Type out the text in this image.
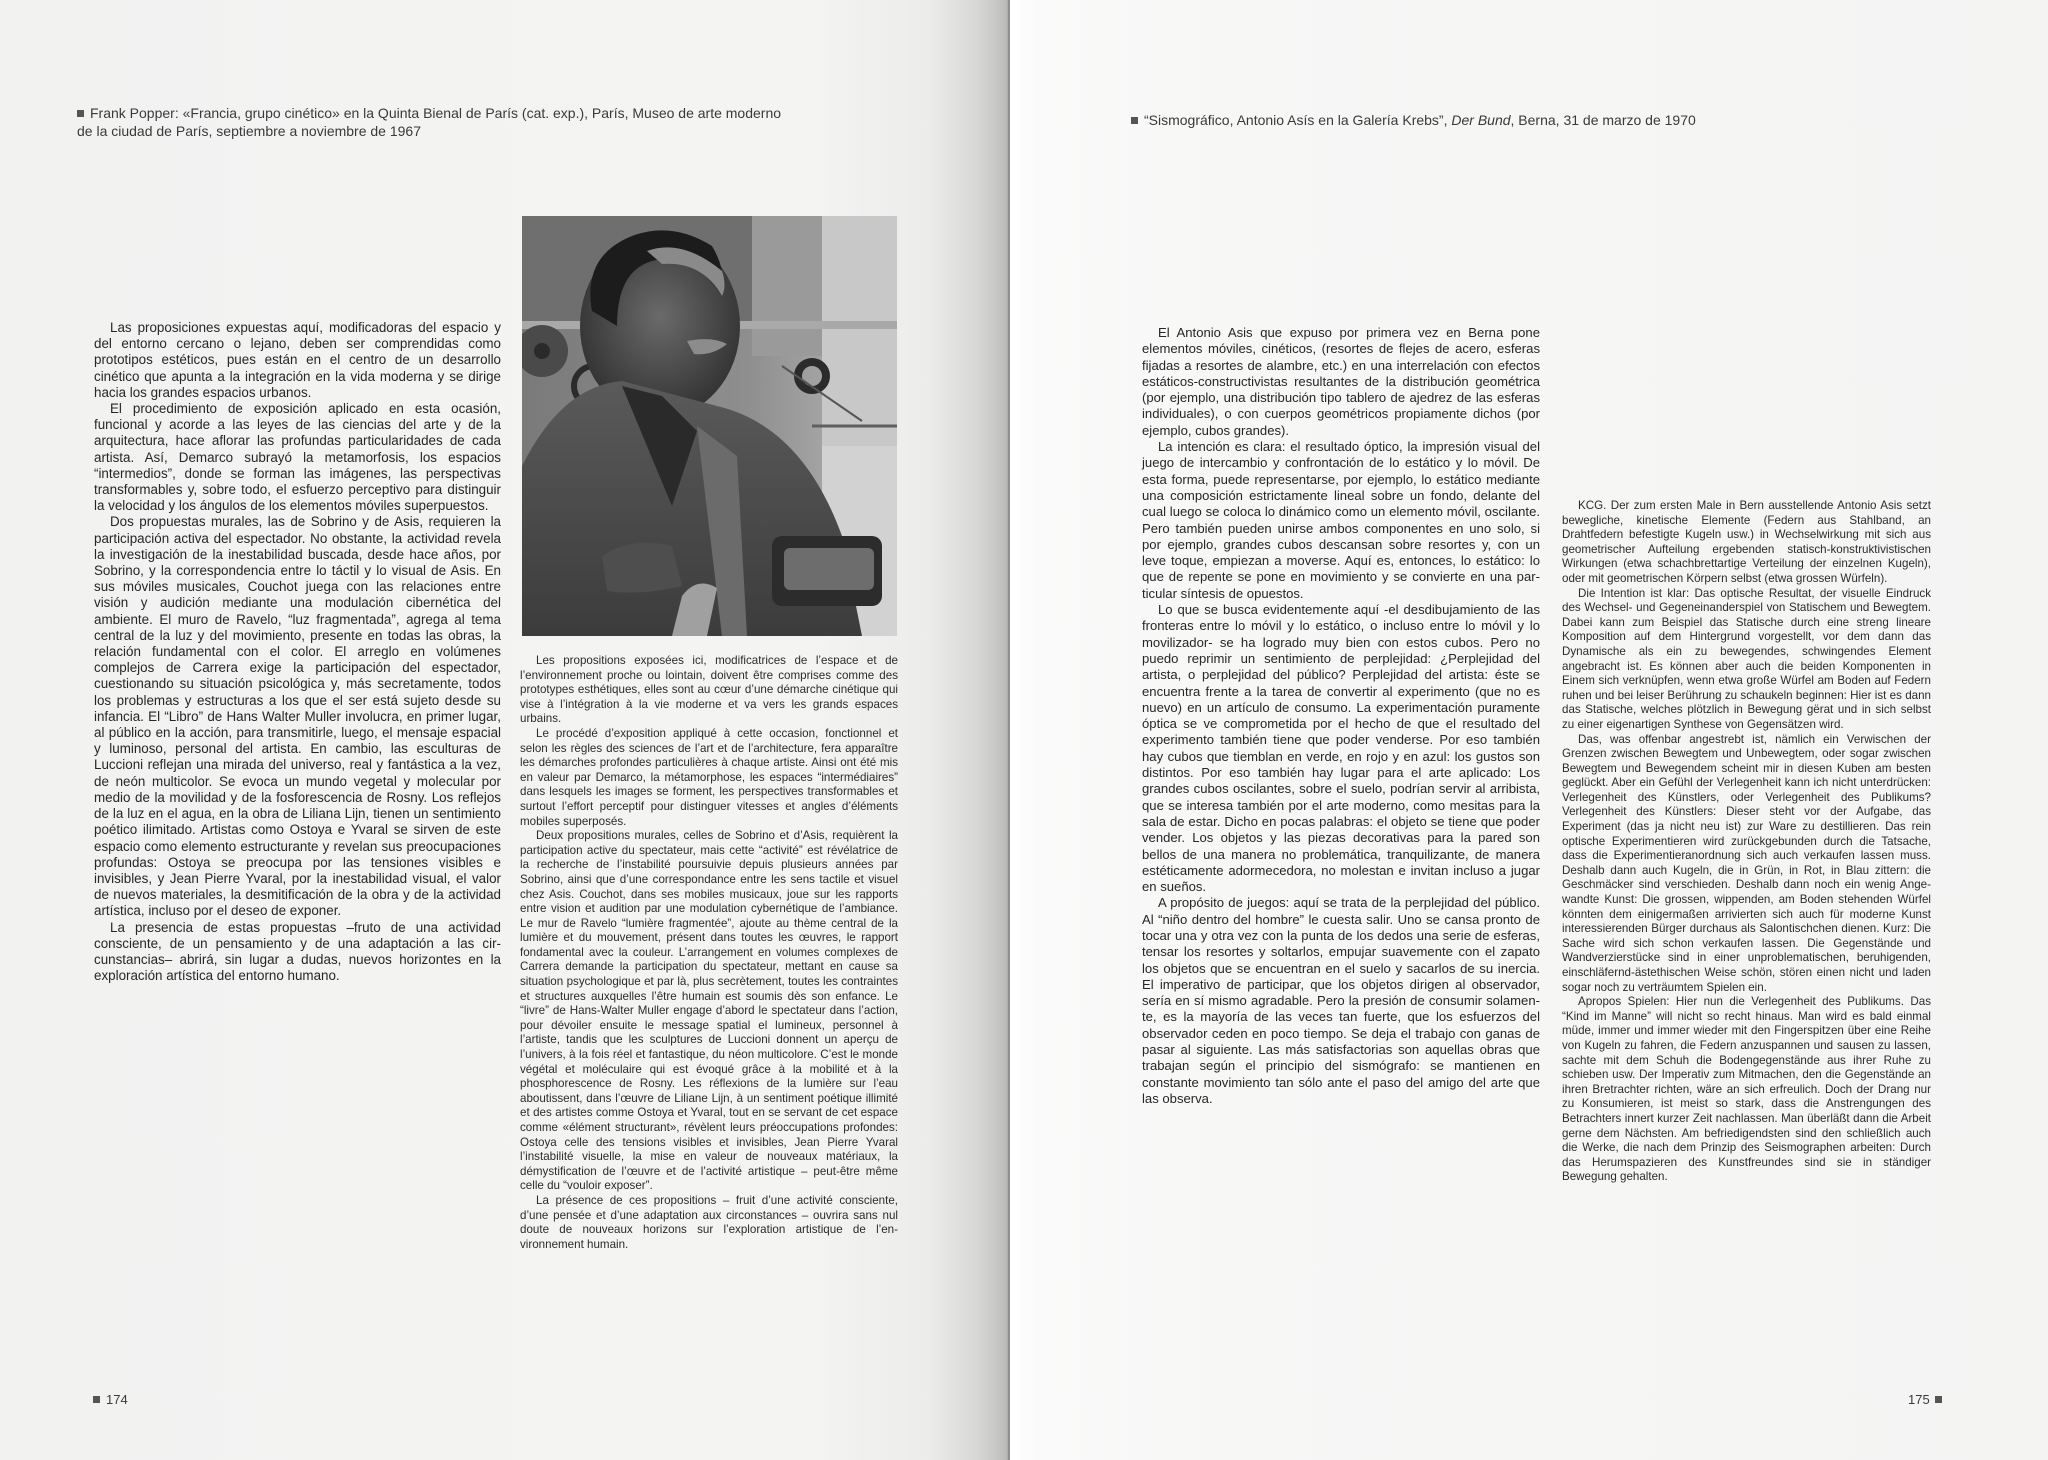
Frank Popper: «Francia, grupo cinético» en la Quinta Bienal de París (cat. exp.), París, Museo de arte moderno de la ciudad de París, septiembre a noviembre de 1967

Las proposiciones expuestas aquí, modificadoras del espacio y del entorno cercano o lejano, deben ser comprendidas como prototipos estéticos, pues están en el centro de un desarrollo cinético que apunta a la integración en la vida moderna y se dirige hacia los grandes espacios urbanos.

El procedimiento de exposición aplicado en esta ocasión, funcional y acorde a las leyes de las ciencias del arte y de la arquitectura, hace aflorar las profundas particularidades de cada artista. Así, Demarco subrayó la metamorfosis, los espacios “intermedios”, donde se forman las imágenes, las perspectivas transformables y, sobre todo, el esfuerzo perceptivo para distinguir la velocidad y los ángulos de los elementos móviles superpuestos.

Dos propuestas murales, las de Sobrino y de Asis, requieren la participación activa del espectador. No obstante, la actividad revela la investigación de la inestabilidad buscada, desde hace años, por Sobrino, y la correspondencia entre lo táctil y lo visual de Asis. En sus móviles musicales, Couchot juega con las relaciones entre visión y audición mediante una modulación cibernética del ambiente. El muro de Ravelo, “luz fragmentada”, agrega al tema central de la luz y del movimiento, presente en todas las obras, la relación fundamental con el color. El arreglo en volúmenes complejos de Carrera exige la participación del espectador, cuestionando su situación psicológica y, más secretamente, todos los problemas y estructuras a los que el ser está sujeto desde su infancia. El “Libro” de Hans Walter Muller involucra, en primer lugar, al público en la acción, para transmitirle, luego, el mensaje espacial y luminoso, personal del artista. En cambio, las esculturas de Luccioni reflejan una mirada del universo, real y fantástica a la vez, de neón multicolor. Se evoca un mundo vegetal y molecular por medio de la movilidad y de la fosforescencia de Rosny. Los reflejos de la luz en el agua, en la obra de Liliana Lijn, tienen un sentimiento poético ilimitado. Artistas como Ostoya e Yvaral se sirven de este espacio como elemento estructurante y revelan sus preocupaciones profundas: Ostoya se preocupa por las tensiones visibles e invisibles, y Jean Pierre Yvaral, por la inestabilidad visual, el valor de nuevos materiales, la desmitificación de la obra y de la actividad artística, incluso por el deseo de exponer.

La presencia de estas propuestas –fruto de una actividad consciente, de un pensamiento y de una adaptación a las circunstancias– abrirá, sin lugar a dudas, nuevos horizontes en la exploración artística del entorno humano.

Les propositions exposées ici, modificatrices de l’espace et de l’environnement proche ou lointain, doivent être comprises comme des prototypes esthétiques, elles sont au cœur d’une démarche cinétique qui vise à l’intégration à la vie moderne et va vers les grands espaces urbains.

Le procédé d’exposition appliqué à cette occasion, fonctionnel et selon les règles des sciences de l’art et de l’architecture, fera apparaître les démarches profondes particulières à chaque artiste. Ainsi ont été mis en valeur par Demarco, la métamorphose, les espaces “intermédiaires” dans lesquels les images se forment, les perspectives transformables et surtout l’effort perceptif pour distinguer vitesses et angles d’éléments mobiles superposés.

Deux propositions murales, celles de Sobrino et d’Asis, requièrent la participation active du spectateur, mais cette “activité” est révélatrice de la recherche de l’instabilité poursuivie depuis plusieurs années par Sobrino, ainsi que d’une correspondance entre les sens tactile et visuel chez Asis. Couchot, dans ses mobiles musicaux, joue sur les rapports entre vision et audition par une modulation cybernétique de l’ambiance. Le mur de Ravelo “lumière fragmentée”, ajoute au thème central de la lumière et du mouvement, présent dans toutes les œuvres, le rapport fondamental avec la couleur. L’arrangement en volumes complexes de Carrera demande la participation du spectateur, mettant en cause sa situation psychologique et par là, plus secrètement, toutes les contraintes et structures auxquelles l’être humain est soumis dès son enfance. Le “livre” de Hans-Walter Muller engage d’abord le spectateur dans l’action, pour dévoiler ensuite le message spatial el lumineux, personnel à l’artiste, tandis que les sculptures de Luccioni donnent un aperçu de l’univers, à la fois réel et fantastique, du néon multicolore. C’est le monde végétal et moléculaire qui est évoqué grâce à la mobilité et à la phosphorescence de Rosny. Les réflexions de la lumière sur l’eau aboutissent, dans l’œuvre de Liliane Lijn, à un sentiment poétique illimité et des artistes comme Ostoya et Yvaral, tout en se servant de cet espace comme «élément structurant», révèlent leurs préoccupations profondes: Ostoya celle des tensions visibles et invisibles, Jean Pierre Yvaral l’instabilité visuelle, la mise en valeur de nouveaux matériaux, la démystification de l’œuvre et de l’activité artistique – peut-être même celle du “vouloir exposer”.

La présence de ces propositions – fruit d’une activité consciente, d’une pensée et d’une adaptation aux circonstances – ouvrira sans nul doute de nouveaux horizons sur l’exploration artistique de l’environnement humain.

174
“Sismográfico, Antonio Asís en la Galería Krebs”, Der Bund, Berna, 31 de marzo de 1970

El Antonio Asis que expuso por primera vez en Berna pone elementos móviles, cinéticos, (resortes de flejes de acero, esferas fijadas a resortes de alambre, etc.) en una interrelación con efectos estáticos-constructivistas resultantes de la distribución geométrica (por ejemplo, una distribución tipo tablero de ajedrez de las esferas individuales), o con cuerpos geométricos propiamente dichos (por ejemplo, cubos grandes).

La intención es clara: el resultado óptico, la impresión visual del juego de intercambio y confrontación de lo estático y lo móvil. De esta forma, puede representarse, por ejemplo, lo estático mediante una composición estrictamente lineal sobre un fondo, delante del cual luego se coloca lo dinámico como un elemento móvil, oscilante. Pero también pueden unirse ambos componentes en uno solo, si por ejemplo, grandes cubos descansan sobre resortes y, con un leve toque, empiezan a moverse. Aquí es, entonces, lo estático: lo que de repente se pone en movimiento y se convierte en una particular síntesis de opuestos.

Lo que se busca evidentemente aquí -el desdibujamiento de las fronteras entre lo móvil y lo estático, o incluso entre lo móvil y lo movilizador- se ha logrado muy bien con estos cubos. Pero no puedo reprimir un sentimiento de perplejidad: ¿Perplejidad del artista, o perplejidad del público? Perplejidad del artista: éste se encuentra frente a la tarea de convertir al experimento (que no es nuevo) en un artículo de consumo. La experimentación puramente óptica se ve comprometida por el hecho de que el resultado del experimento también tiene que poder venderse. Por eso también hay cubos que tiemblan en verde, en rojo y en azul: los gustos son distintos. Por eso también hay lugar para el arte aplicado: Los grandes cubos oscilantes, sobre el suelo, podrían servir al arribista, que se interesa también por el arte moderno, como mesitas para la sala de estar. Dicho en pocas palabras: el objeto se tiene que poder vender. Los objetos y las piezas decorativas para la pared son bellos de una manera no problemática, tranquilizante, de manera estéticamente adormecedora, no molestan e invitan incluso a jugar en sueños.

A propósito de juegos: aquí se trata de la perplejidad del público. Al “niño dentro del hombre” le cuesta salir. Uno se cansa pronto de tocar una y otra vez con la punta de los dedos una serie de esferas, tensar los resortes y soltarlos, empujar suavemente con el zapato los objetos que se encuentran en el suelo y sacarlos de su inercia. El imperativo de participar, que los objetos dirigen al observador, sería en sí mismo agradable. Pero la presión de consumir solamente, es la mayoría de las veces tan fuerte, que los esfuerzos del observador ceden en poco tiempo. Se deja el trabajo con ganas de pasar al siguiente. Las más satisfactorias son aquellas obras que trabajan según el principio del sismógrafo: se mantienen en constante movimiento tan sólo ante el paso del amigo del arte que las observa.

KCG. Der zum ersten Male in Bern ausstellende Antonio Asis setzt bewegliche, kinetische Elemente (Federn aus Stahlband, an Drahtfedern befestigte Kugeln usw.) in Wechselwirkung mit sich aus geometrischer Aufteilung ergebenden statisch-konstruktivistischen Wirkungen (etwa schachbrettartige Verteilung der einzelnen Kugeln), oder mit geometrischen Körpern selbst (etwa grossen Würfeln).

Die Intention ist klar: Das optische Resultat, der visuelle Eindruck des Wechsel- und Gegeneinanderspiel von Statischem und Bewegtem. Dabei kann zum Beispiel das Statische durch eine streng lineare Komposition auf dem Hintergrund vorgestellt, vor dem dann das Dynamische als ein zu bewegendes, schwingendes Element angebracht ist. Es können aber auch die beiden Komponenten in Einem sich verknüpfen, wenn etwa große Würfel am Boden auf Federn ruhen und bei leiser Berührung zu schaukeln beginnen: Hier ist es dann das Statische, welches plötzlich in Bewegung gërat und in sich selbst zu einer eigenartigen Synthese von Gegensätzen wird.

Das, was offenbar angestrebt ist, nämlich ein Verwischen der Grenzen zwischen Bewegtem und Unbewegtem, oder sogar zwischen Bewegtem und Bewegendem scheint mir in diesen Kuben am besten geglückt. Aber ein Gefühl der Verlegenheit kann ich nicht unterdrücken: Verlegenheit des Künstlers, oder Verlegenheit des Publikums? Verlegenheit des Künstlers: Dieser steht vor der Aufgabe, das Experiment (das ja nicht neu ist) zur Ware zu destillieren. Das rein optische Experimentieren wird zurückgebunden durch die Tatsache, dass die Experimentieranordnung sich auch verkaufen lassen muss. Deshalb dann auch Kugeln, die in Grün, in Rot, in Blau zittern: die Geschmäcker sind verschieden. Deshalb dann noch ein wenig Angewandte Kunst: Die grossen, wippenden, am Boden stehenden Würfel könnten dem einigermaßen arrivierten sich auch für moderne Kunst interessierenden Bürger durchaus als Salontischchen dienen. Kurz: Die Sache wird sich schon verkaufen lassen. Die Gegenstände und Wandverzierstücke sind in einer unproblematischen, beruhigenden, einschläfernd-ästethischen Weise schön, stören einen nicht und laden sogar noch zu verträumtem Spielen ein.

Apropos Spielen: Hier nun die Verlegenheit des Publikums. Das “Kind im Manne” will nicht so recht hinaus. Man wird es bald einmal müde, immer und immer wieder mit den Fingerspitzen über eine Reihe von Kugeln zu fahren, die Federn anzuspannen und sausen zu lassen, sachte mit dem Schuh die Bodengegenstände aus ihrer Ruhe zu schieben usw. Der Imperativ zum Mitmachen, den die Gegenstände an ihren Bretrachter richten, wäre an sich erfreulich. Doch der Drang nur zu Konsumieren, ist meist so stark, dass die Anstrengungen des Betrachters innert kurzer Zeit nachlassen. Man überläßt dann die Arbeit gerne dem Nächsten. Am befriedigendsten sind den schließlich auch die Werke, die nach dem Prinzip des Seismographen arbeiten: Durch das Herumspazieren des Kunstfreundes sind sie in ständiger Bewegung gehalten.

175
